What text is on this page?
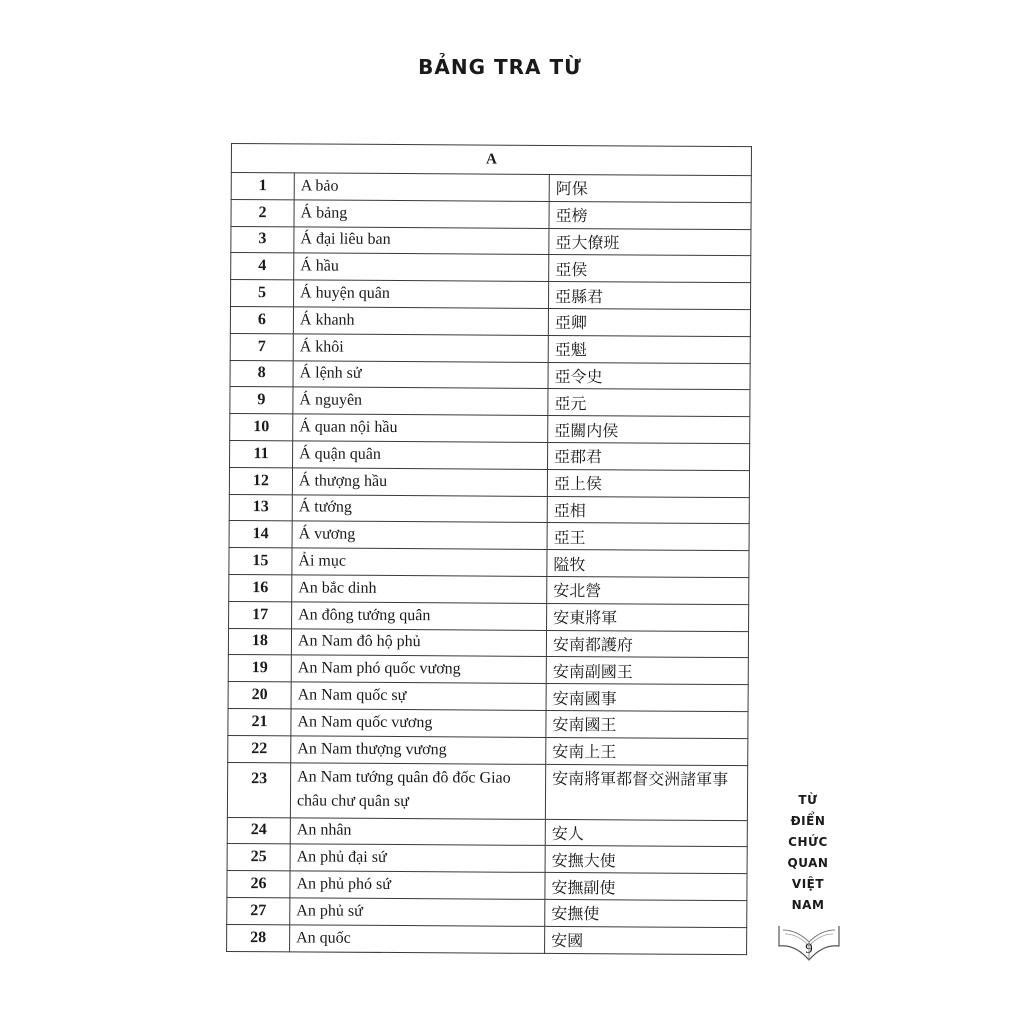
BẢNG TRA TỪ
A		
1	A bảo	阿保
2	Á bảng	亞榜
3	Á đại liêu ban	亞大僚班
4	Á hầu	亞侯
5	Á huyện quân	亞縣君
6	Á khanh	亞卿
7	Á khôi	亞魁
8	Á lệnh sử	亞令史
9	Á nguyên	亞元
10	Á quan nội hầu	亞關内侯
11	Á quận quân	亞郡君
12	Á thượng hầu	亞上侯
13	Á tướng	亞相
14	Á vương	亞王
15	Ải mục	隘牧
16	An bắc dinh	安北營
17	An đông tướng quân	安東將軍
18	An Nam đô hộ phủ	安南都護府
19	An Nam phó quốc vương	安南副國王
20	An Nam quốc sự	安南國事
21	An Nam quốc vương	安南國王
22	An Nam thượng vương	安南上王
23	An Nam tướng quân đô đốc Giao châu chư quân sự	安南將軍都督交洲諸軍事
24	An nhân	安人
25	An phủ đại sứ	安撫大使
26	An phủ phó sứ	安撫副使
27	An phủ sứ	安撫使
28	An quốc	安國
TỪ
ĐIỂN
CHỨC
QUAN
VIỆT
NAM
9
